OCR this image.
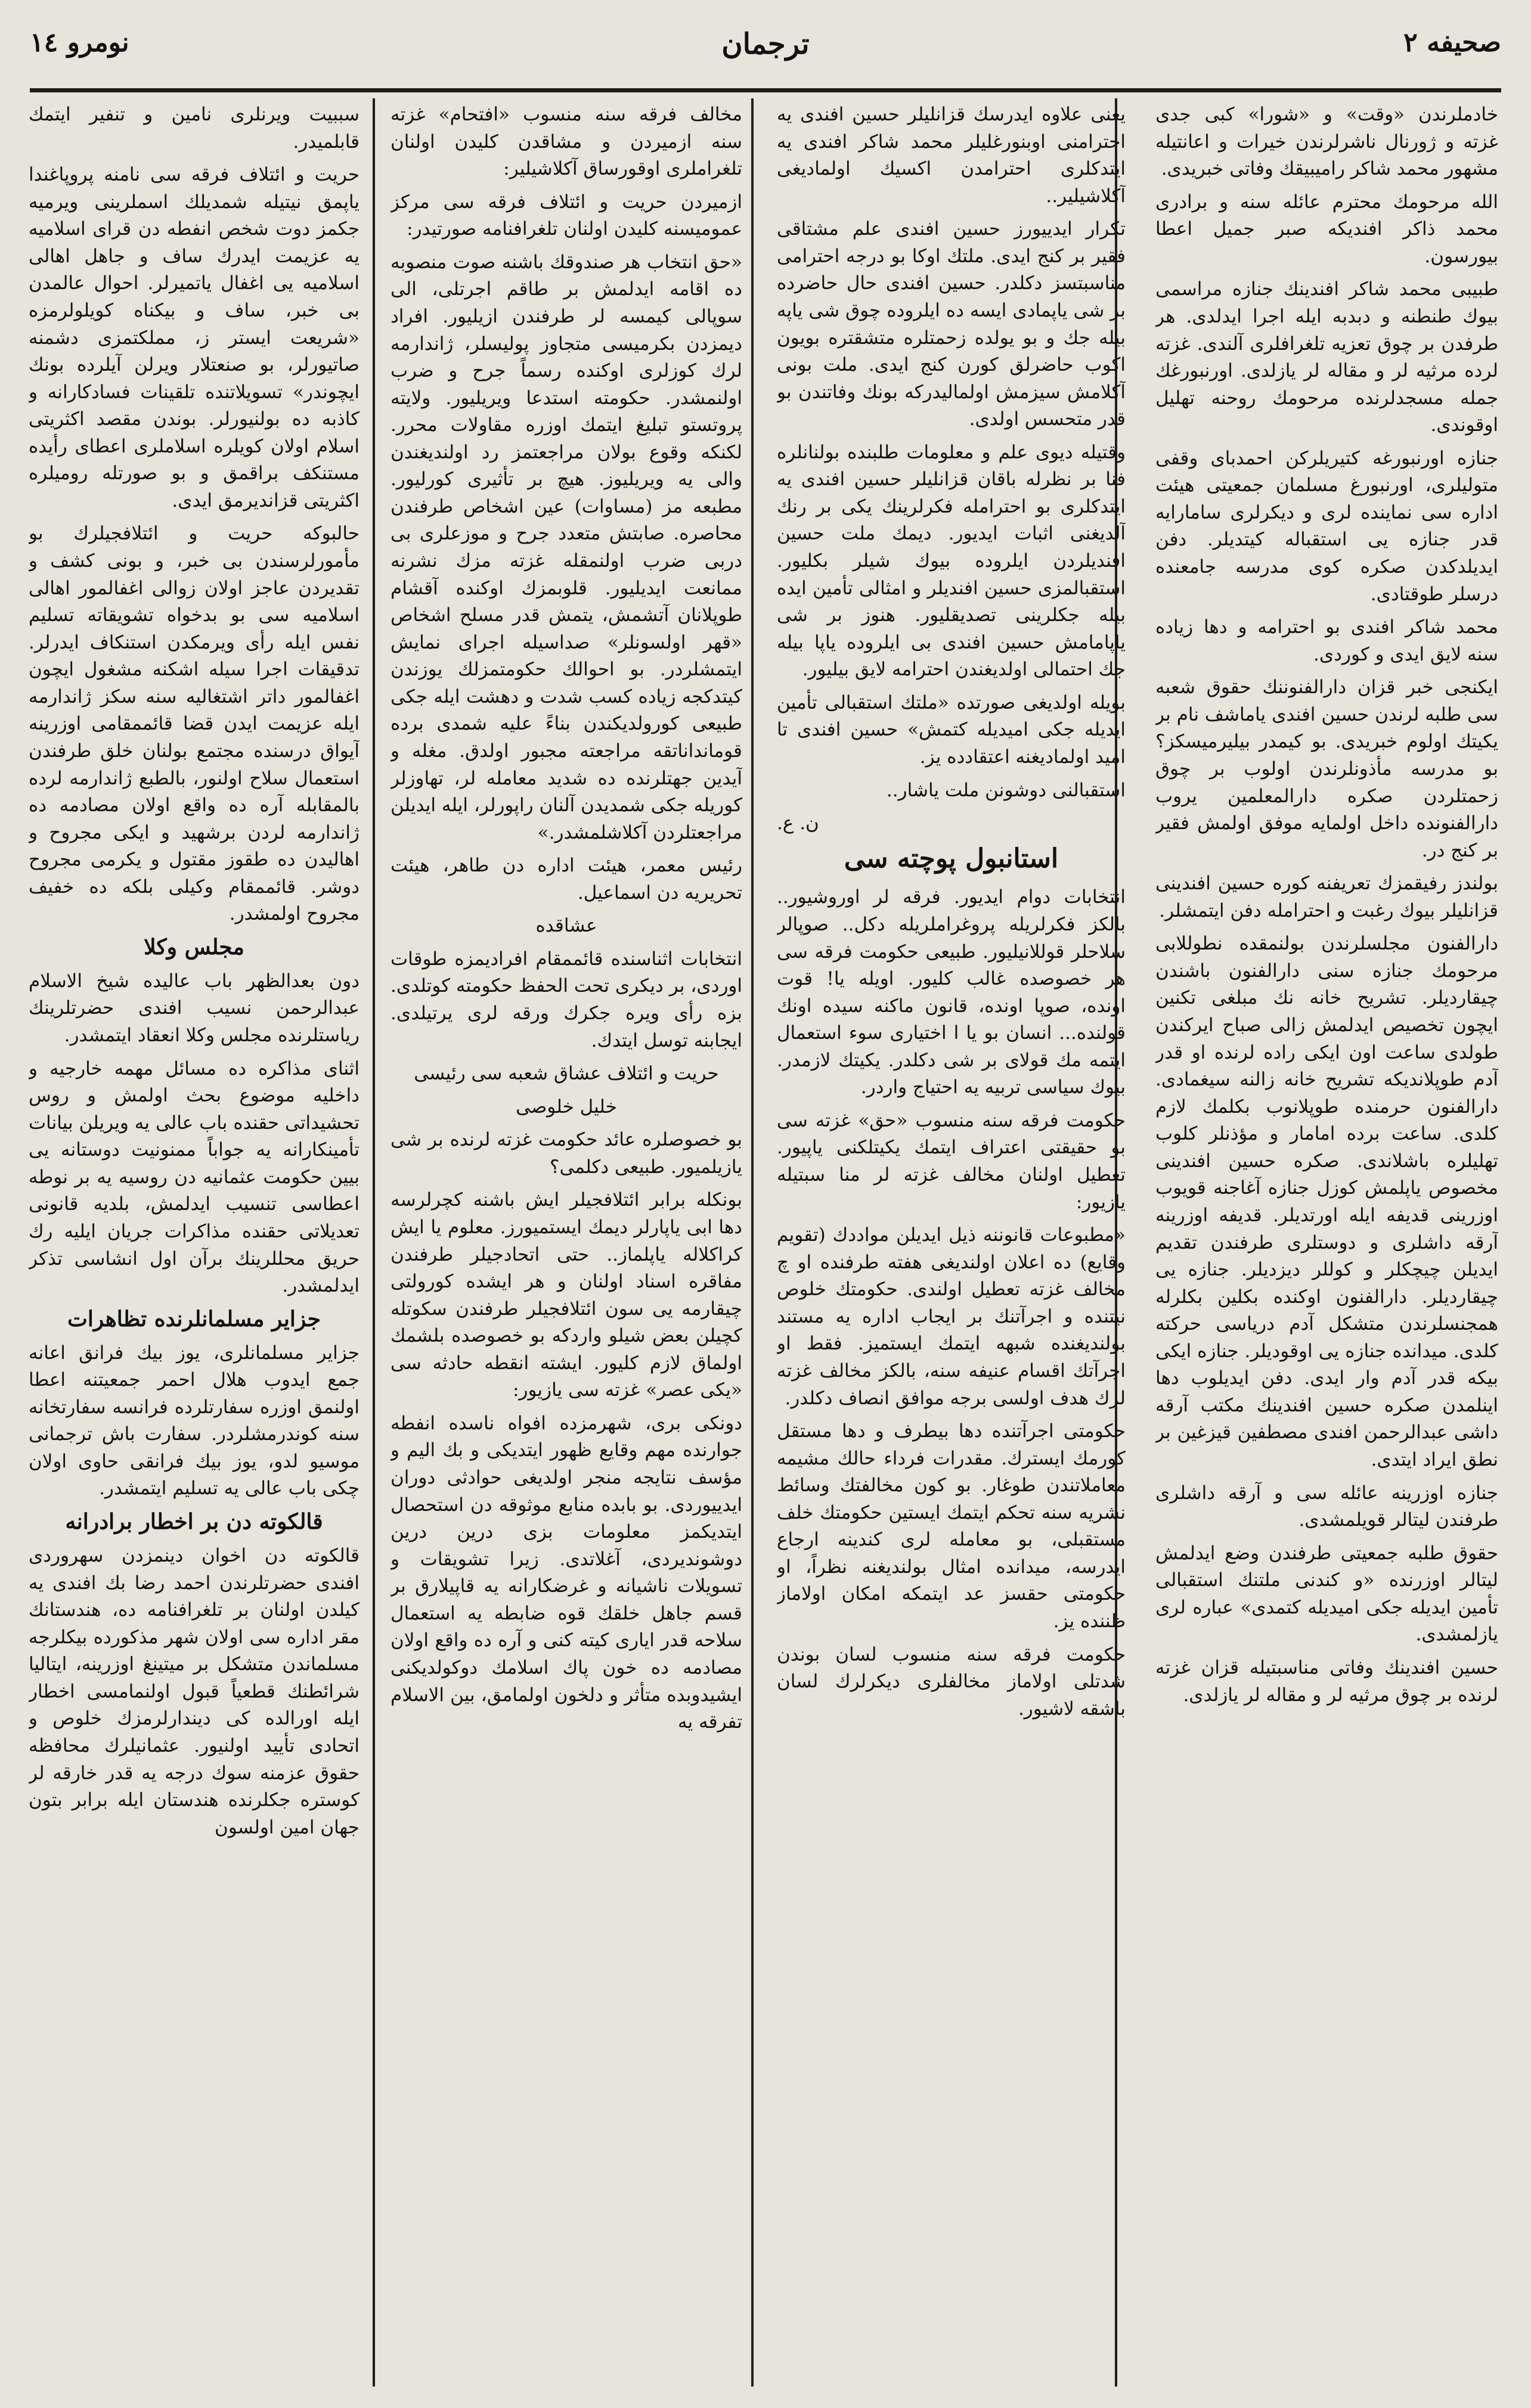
صحیفه ۲
ترجمان
نومرو ١٤

خادملرندن «وقت» و «شورا» کبی جدی غزته و ژورنال ناشرلرندن خیرات و اعانتیله مشهور محمد شاکر رامیبیقك وفاتی خبریدی.

الله مرحومك محترم عائله سنه و برادری محمد ذاکر افندیکه صبر جمیل اعطا بیورسون.

طبیبی محمد شاکر افندینك جنازه مراسمی بیوك طنطنه و دبدبه ایله اجرا ایدلدی. هر طرفدن بر چوق تعزیه تلغرافلری آلندی. غزته لرده مرثیه لر و مقاله لر یازلدی. اورنبورغك جمله مسجدلرنده مرحومك روحنه تهلیل اوقوندی.

جنازه اورنبورغه کتیریلرکن احمدبای وقفی متولیلری، اورنبورغ مسلمان جمعیتی هیئت اداره سی نماینده لری و دیکرلری سامارایه قدر جنازه یی استقباله کیتدیلر. دفن ایدیلدکدن صکره کوی مدرسه جامعنده درسلر طوقتادی.

محمد شاکر افندی بو احترامه و دها زیاده سنه لایق ایدی و کوردی.

ایکنجی خبر قزان دارالفنوننك حقوق شعبه سی طلبه لرندن حسین افندی یاماشف نام بر یکیتك اولوم خبریدی. بو کیمدر بیلیرمیسکز؟ بو مدرسه مأذونلرندن اولوب بر چوق زحمتلردن صکره دارالمعلمین یروب دارالفنونده داخل اولمایه موفق اولمش فقیر بر کنج در.

بولندز رفیقمزك تعریفنه کوره حسین افندینی قزانلیلر بیوك رغبت و احترامله دفن ایتمشلر.

دارالفنون مجلسلرندن بولنمقده نطوللابی مرحومك جنازه سنی دارالفنون باشندن چیقاردیلر. تشریح خانه نك مبلغی تکنین ایچون تخصیص ایدلمش زالی صباح ایرکندن طولدی ساعت اون ایکی راده لرنده او قدر آدم طوپلاندیکه تشریح خانه زالنه سیغمادی. دارالفنون حرمنده طوپلانوب بکلمك لازم کلدی. ساعت برده امامار و مؤذنلر کلوب تهلیلره باشلاندی. صکره حسین افندینی مخصوص یاپلمش کوزل جنازه آغاجنه قویوب اوزرینی قدیفه ایله اورتدیلر. قدیفه اوزرینه آرقه داشلری و دوستلری طرفندن تقدیم ایدیلن چیچکلر و کوللر دیزدیلر. جنازه یی چیقاردیلر. دارالفنون اوکنده بکلین بکلرله همجنسلرندن متشکل آدم دریاسی حرکته کلدی. میدانده جنازه یی اوقودیلر. جنازه ایکی بیکه قدر آدم وار ایدی. دفن ایدیلوب دها اینلمدن صکره حسین افندینك مکتب آرقه داشی عبدالرحمن افندی مصطفین قیزغین بر نطق ایراد ایتدی.

جنازه اوزرینه عائله سی و آرقه داشلری طرفندن لیتالر قویلمشدی.

حقوق طلبه جمعیتی طرفندن وضع ایدلمش لیتالر اوزرنده «و کندنی ملتنك استقبالی تأمین ایدیله جکی امیدیله کتمدی» عباره لری یازلمشدی.

حسین افندینك وفاتی مناسبتیله قزان غزته لرنده بر چوق مرثیه لر و مقاله لر یازلدی.

یعنی علاوه ایدرسك قزانلیلر حسین افندی یه احترامنی اوبنورغلیلر محمد شاکر افندی یه ایتدکلری احترامدن اکسیك اولمادیغی آکلاشیلیر..

تکرار ایدییورز حسین افندی علم مشتاقی فقیر بر کنج ایدی. ملتك اوکا بو درجه احترامی مناسبتسز دکلدر. حسین افندی حال حاضرده بر شی یاپمادی ایسه ده ایلروده چوق شی یاپه بیله جك و بو یولده زحمتلره متشقتره بویون اکوب حاضرلق کورن کنج ایدی. ملت بونی آکلامش سیزمش اولمالیدرکه بونك وفاتندن بو قدر متحسس اولدی.

وقتیله دیوی علم و معلومات طلبنده بولنانلره فنا بر نظرله باقان قزانلیلر حسین افندی یه ایتدکلری بو احترامله فکرلرینك یکی بر رنك آلدیغنی اثبات ایدیور. دیمك ملت حسین افندیلردن ایلروده بیوك شیلر بکلیور. استقبالمزی حسین افندیلر و امثالی تأمین ایده بیله جکلرینی تصدیقلیور. هنوز بر شی یاپامامش حسین افندی بی ایلروده یاپا بیله جك احتمالی اولدیغندن احترامه لایق بیلیور.

بویله اولدیغی صورتده «ملتك استقبالی تأمین ایدیله جکی امیدیله کتمش» حسین افندی تا امید اولمادیغنه اعتقادده یز.

استقبالنی دوشونن ملت یاشار..

ن. ع.

استانبول پوچته سی

انتخابات دوام ایدیور. فرقه لر اوروشیور.. بالکز فکرلریله پروغراملریله دکل.. صوپالر سلاحلر قوللانیلیور. طبیعی حکومت فرقه سی هر خصوصده غالب کلیور. اویله یا! قوت اونده، صوپا اونده، قانون ماکنه سیده اونك قولنده... انسان بو یا ا اختیاری سوء استعمال ایتمه مك قولای بر شی دکلدر. یکیتك لازمدر. بیوك سیاسی تربیه یه احتیاج واردر.

حکومت فرقه سنه منسوب «حق» غزته سی بو حقیقتی اعتراف ایتمك یکیتلکنی یاپیور. تعطیل اولنان مخالف غزته لر منا سبتیله یازیور:

«مطبوعات قانوننه ذیل ایدیلن مواددك (تقویم وقایع) ده اعلان اولندیغی هفته طرفنده او چ مخالف غزته تعطیل اولندی. حکومتك خلوص نیتنده و اجرآتنك بر ایجاب اداره یه مستند بولندیغنده شبهه ایتمك ایستمیز. فقط او اجرآتك اقسام عنیفه سنه، بالکز مخالف غزته لرك هدف اولسی برجه موافق انصاف دکلدر.

حکومتی اجرآتنده دها بیطرف و دها مستقل کورمك ایسترك. مقدرات فرداء حالك مشیمه معاملاتندن طوغار. بو کون مخالفتك وسائط نشریه سنه تحکم ایتمك ایستین حکومتك خلف مستقبلی، بو معامله لری کندینه ارجاع ایدرسه، میدانده امثال بولندیغنه نظراً، او حکومتی حقسز عد ایتمکه امکان اولاماز ظننده یز.

حکومت فرقه سنه منسوب لسان بوندن شدتلی اولاماز مخالفلری دیکرلرك لسان باشقه لاشیور.

مخالف فرقه سنه منسوب «افتحام» غزته سنه ازمیردن و مشاقدن کلیدن اولنان تلغراملری اوقورساق آکلاشیلیر:

ازمیردن حریت و ائتلاف فرقه سی مرکز عمومیسنه کلیدن اولنان تلغرافنامه صورتیدر:

«حق انتخاب هر صندوقك باشنه صوت منصوبه ده اقامه ایدلمش بر طاقم اجرتلی، الی سوپالی کیمسه لر طرفندن ازیلیور. افراد دیمزدن بکرمیسی متجاوز پولیسلر، ژاندارمه لرك کوزلری اوکنده رسماً جرح و ضرب اولنمشدر. حکومته استدعا ویریلیور. ولایته پروتستو تبلیغ ایتمك اوزره مقاولات محرر. لکنکه وقوع بولان مراجعتمز رد اولندیغندن والی یه ویریلیوز. هیچ بر تأثیری کورلیور. مطبعه مز (مساوات) عین اشخاص طرفندن محاصره. صابتش متعدد جرح و موزعلری بی دربی ضرب اولنمقله غزته مزك نشرنه ممانعت ایدیلیور. قلوبمزك اوکنده آقشام طوپلانان آتشمش، یتمش قدر مسلح اشخاص «قهر اولسونلر» صداسیله اجرای نمایش ایتمشلردر. بو احوالك حکومتمزلك یوزندن کیتدکجه زیاده کسب شدت و دهشت ایله جکی طبیعی کورولدیکندن بناءً علیه شمدی برده قومانداناتقه مراجعته مجبور اولدق. مغله و آیدین جهتلرنده ده شدید معامله لر، تهاوزلر کوریله جکی شمدیدن آلنان راپورلر، ایله ایدیلن مراجعتلردن آکلاشلمشدر.»

رئیس معمر، هیئت اداره دن طاهر، هیئت تحریریه دن اسماعیل.

عشاقده

انتخابات اثناسنده قائممقام افرادیمزه طوقات اوردی، بر دیکری تحت الحفظ حکومته کوتلدی. بزه رأی ویره جکرك ورقه لری یرتیلدی. ایجابنه توسل ایتدك.

حریت و ائتلاف عشاق شعبه سی رئیسی

خلیل خلوصی

بو خصوصلره عائد حکومت غزته لرنده بر شی یازیلمیور. طبیعی دکلمی؟

بونکله برابر ائتلافجیلر ایش باشنه کچرلرسه دها ابی یاپارلر دیمك ایستمیورز. معلوم یا ایش کراکلاله یاپلماز.. حتی اتحادجیلر طرفندن مفاقره اسناد اولنان و هر ایشده کورولتی چیقارمه یی سون ائتلافجیلر طرفندن سکوتله کچیلن بعض شیلو واردکه بو خصوصده بلشمك اولماق لازم کلیور. ایشته انقطه حادثه سی «یکی عصر» غزته سی یازیور:

دونکی بری، شهرمزده افواه ناسده انفطه جوارنده مهم وقایع ظهور ایتدیکی و بك الیم و مؤسف نتایجه منجر اولدیغی حوادثی دوران ایدییوردی. بو بابده منابع موثوقه دن استحصال ایتدیکمز معلومات بزی درین درین دوشوندیردی، آغلاتدی. زیرا تشویقات و تسویلات ناشیانه و غرضکارانه یه قاپیلارق بر قسم جاهل خلقك قوه ضابطه یه استعمال سلاحه قدر ایاری کیته کنی و آره ده واقع اولان مصادمه ده خون پاك اسلامك دوکولدیکنی ایشیدوبده متأثر و دلخون اولمامق، بین الاسلام تفرقه یه

سببیت ویرنلری نامین و تنفیر ایتمك قابلمیدر.

حریت و ائتلاف فرقه سی نامنه پروپاغندا یاپمق نیتیله شمدیلك اسملرینی ویرمیه جکمز دوت شخص انفطه دن قرای اسلامیه یه عزیمت ایدرك ساف و جاهل اهالی اسلامیه یی اغفال یاتمیرلر. احوال عالمدن بی خبر، ساف و بیکناه کویلولرمزه «شریعت ایستر ز، مملکتمزی دشمنه صاتیورلر، بو صنعتلار ویرلن آیلرده بونك ایچوندر» تسویلاتنده تلقینات فسادکارانه و کاذبه ده بولنیورلر. بوندن مقصد اکثریتی اسلام اولان کویلره اسلاملری اعطای رأیده مستنکف براقمق و بو صورتله رومیلره اکثریتی قزاندیرمق ایدی.

حالبوکه حریت و ائتلافجیلرك بو مأمورلرسندن بی خبر، و بونی کشف و تقدیردن عاجز اولان زوالی اغفالمور اهالی اسلامیه سی بو بدخواه تشویقاته تسلیم نفس ایله رأی ویرمکدن استنکاف ایدرلر. تدقیقات اجرا سیله اشکنه مشغول ایچون اغفالمور داتر اشتغالیه سنه سکز ژاندارمه ایله عزیمت ایدن قضا قائممقامی اوزرینه آیواق درسنده مجتمع بولنان خلق طرفندن استعمال سلاح اولنور، بالطبع ژاندارمه لرده بالمقابله آره ده واقع اولان مصادمه ده ژاندارمه لردن برشهید و ایکی مجروح و اهالیدن ده طقوز مقتول و یکرمی مجروح دوشر. قائممقام وکیلی بلکه ده خفیف مجروح اولمشدر.

مجلس وکلا

دون بعدالظهر باب عالیده شیخ الاسلام عبدالرحمن نسیب افندی حضرتلرینك ریاستلرنده مجلس وکلا انعقاد ایتمشدر.

اثنای مذاکره ده مسائل مهمه خارجیه و داخلیه موضوع بحث اولمش و روس تحشیداتی حقنده باب عالی یه ویریلن بیانات تأمینکارانه یه جواباً ممنونیت دوستانه یی بیین حکومت عثمانیه دن روسیه یه بر نوطه اعطاسی تنسیب ایدلمش، بلدیه قانونی تعدیلاتی حقنده مذاکرات جریان ایلیه رك حریق محللرینك برآن اول انشاسی تذکر ایدلمشدر.

جزایر مسلمانلرنده تظاهرات

جزایر مسلمانلری، یوز بیك فرانق اعانه جمع ایدوب هلال احمر جمعیتنه اعطا اولنمق اوزره سفارتلرده فرانسه سفارتخانه سنه کوندرمشلردر. سفارت باش ترجمانی موسیو لدو، یوز بیك فرانقی حاوی اولان چکی باب عالی یه تسلیم ایتمشدر.

قالکوته دن بر اخطار برادرانه

قالکوته دن اخوان دینمزدن سهروردی افندی حضرتلرندن احمد رضا بك افندی یه کیلدن اولنان بر تلغرافنامه ده، هندستانك مقر اداره سی اولان شهر مذکورده بیکلرجه مسلماندن متشکل بر میتینغ اوزرینه، ایتالیا شرائطنك قطعیاً قبول اولنمامسی اخطار ایله اورالده کی دیندارلرمزك خلوص و اتحادی تأیید اولنیور. عثمانیلرك محافظه حقوق عزمنه سوك درجه یه قدر خارقه لر کوستره جکلرنده هندستان ایله برابر بتون جهان امین اولسون
